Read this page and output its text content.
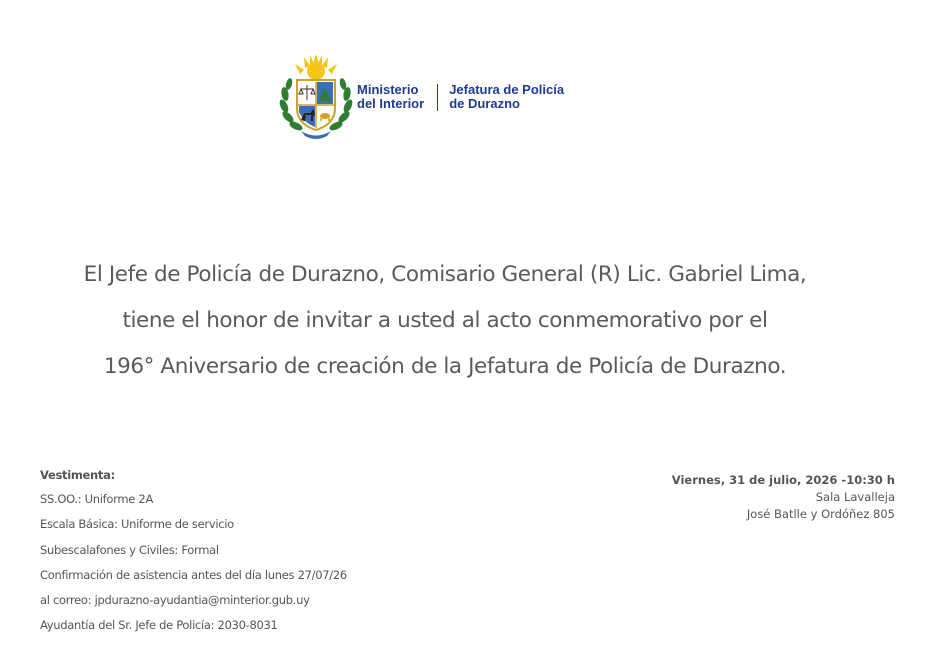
Ministerio
del Interior
Jefatura de Policía
de Durazno
El Jefe de Policía de Durazno, Comisario General (R) Lic. Gabriel Lima,
tiene el honor de invitar a usted al acto conmemorativo por el
196° Aniversario de creación de la Jefatura de Policía de Durazno.
Vestimenta:
SS.OO.: Uniforme 2A
Escala Básica: Uniforme de servicio
Subescalafones y Civiles: Formal
Confirmación de asistencia antes del día lunes 27/07/26
al correo: jpdurazno-ayudantia@minterior.gub.uy
Ayudantía del Sr. Jefe de Policía: 2030-8031
Viernes, 31 de julio, 2026 -10:30 h
Sala Lavalleja
José Batlle y Ordóñez 805
